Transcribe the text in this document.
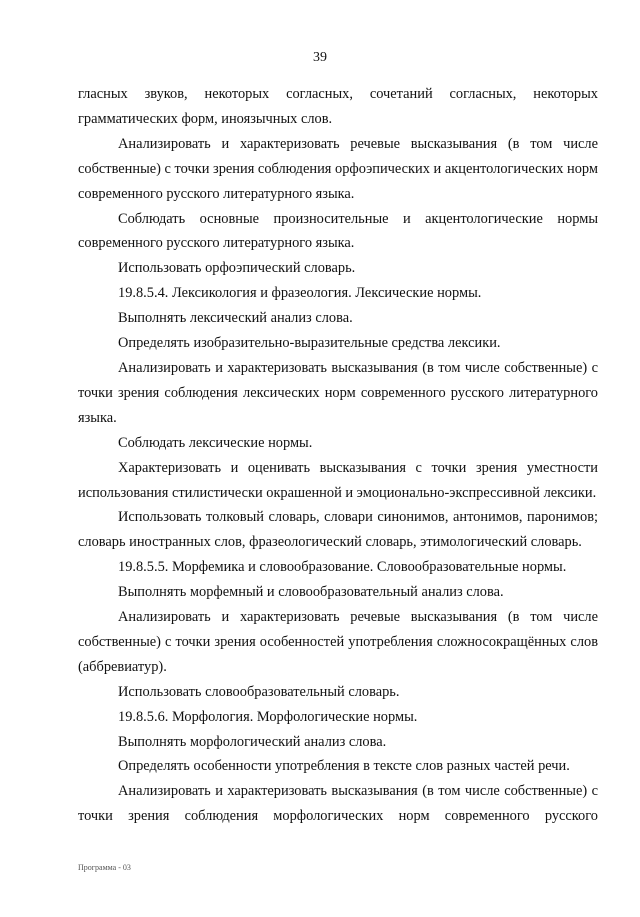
39

гласных звуков, некоторых согласных, сочетаний согласных, некоторых грамматических форм, иноязычных слов.

Анализировать и характеризовать речевые высказывания (в том числе собственные) с точки зрения соблюдения орфоэпических и акцентологических норм современного русского литературного языка.

Соблюдать основные произносительные и акцентологические нормы современного русского литературного языка.

Использовать орфоэпический словарь.

19.8.5.4. Лексикология и фразеология. Лексические нормы.

Выполнять лексический анализ слова.

Определять изобразительно-выразительные средства лексики.

Анализировать и характеризовать высказывания (в том числе собственные) с точки зрения соблюдения лексических норм современного русского литературного языка.

Соблюдать лексические нормы.

Характеризовать и оценивать высказывания с точки зрения уместности использования стилистически окрашенной и эмоционально-экспрессивной лексики.

Использовать толковый словарь, словари синонимов, антонимов, паронимов; словарь иностранных слов, фразеологический словарь, этимологический словарь.

19.8.5.5. Морфемика и словообразование. Словообразовательные нормы.

Выполнять морфемный и словообразовательный анализ слова.

Анализировать и характеризовать речевые высказывания (в том числе собственные) с точки зрения особенностей употребления сложносокращённых слов (аббревиатур).

Использовать словообразовательный словарь.

19.8.5.6. Морфология. Морфологические нормы.

Выполнять морфологический анализ слова.

Определять особенности употребления в тексте слов разных частей речи.

Анализировать и характеризовать высказывания (в том числе собственные) с точки зрения соблюдения морфологических норм современного русского

Программа - 03
